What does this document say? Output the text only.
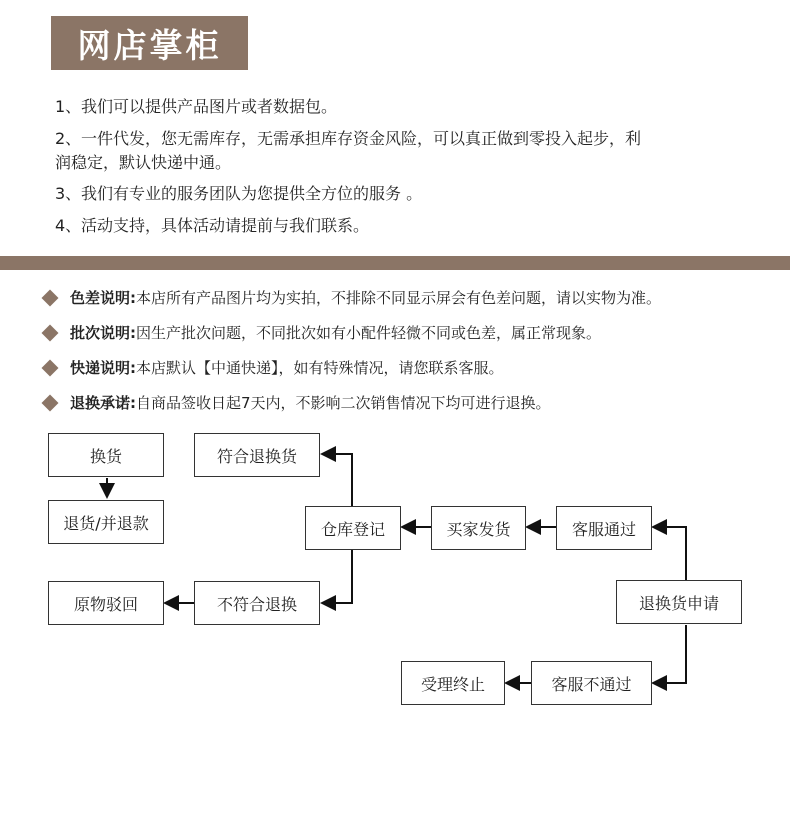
网店掌柜
1、我们可以提供产品图片或者数据包。
2、一件代发，您无需库存，无需承担库存资金风险，可以真正做到零投入起步，利
润稳定，默认快递中通。
3、我们有专业的服务团队为您提供全方位的服务 。
4、活动支持，具体活动请提前与我们联系。
色差说明: 本店所有产品图片均为实拍，不排除不同显示屏会有色差问题，请以实物为准。
批次说明: 因生产批次问题，不同批次如有小配件轻微不同或色差，属正常现象。
快递说明: 本店默认【中通快递】，如有特殊情况，请您联系客服。
退换承诺: 自商品签收日起7天内，不影响二次销售情况下均可进行退换。
换货
退货/并退款
原物驳回
符合退换货
仓库登记
不符合退换
买家发货	客服通过
退换货申请
受理终止	客服不通过
